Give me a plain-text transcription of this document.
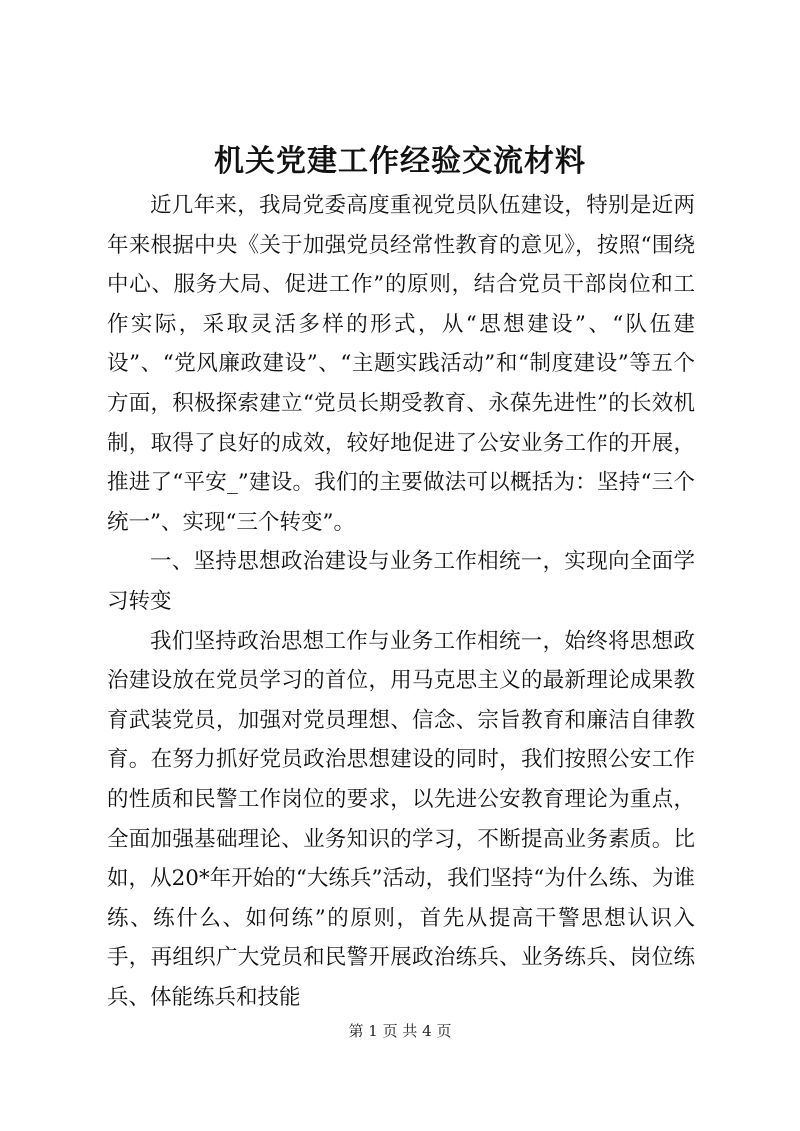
机关党建工作经验交流材料

近几年来，我局党委高度重视党员队伍建设，特别是近两年来根据中央《关于加强党员经常性教育的意见》，按照“围绕中心、服务大局、促进工作”的原则，结合党员干部岗位和工作实际，采取灵活多样的形式，从“思想建设”、“队伍建设”、“党风廉政建设”、“主题实践活动”和“制度建设”等五个方面，积极探索建立“党员长期受教育、永葆先进性”的长效机制，取得了良好的成效，较好地促进了公安业务工作的开展，推进了“平安_”建设。我们的主要做法可以概括为：坚持“三个统一”、实现“三个转变”。

一、坚持思想政治建设与业务工作相统一，实现向全面学习转变

我们坚持政治思想工作与业务工作相统一，始终将思想政治建设放在党员学习的首位，用马克思主义的最新理论成果教育武装党员，加强对党员理想、信念、宗旨教育和廉洁自律教育。在努力抓好党员政治思想建设的同时，我们按照公安工作的性质和民警工作岗位的要求，以先进公安教育理论为重点，全面加强基础理论、业务知识的学习，不断提高业务素质。比如，从20*年开始的“大练兵”活动，我们坚持“为什么练、为谁练、练什么、如何练”的原则，首先从提高干警思想认识入手，再组织广大党员和民警开展政治练兵、业务练兵、岗位练兵、体能练兵和技能

第 1 页 共 4 页
